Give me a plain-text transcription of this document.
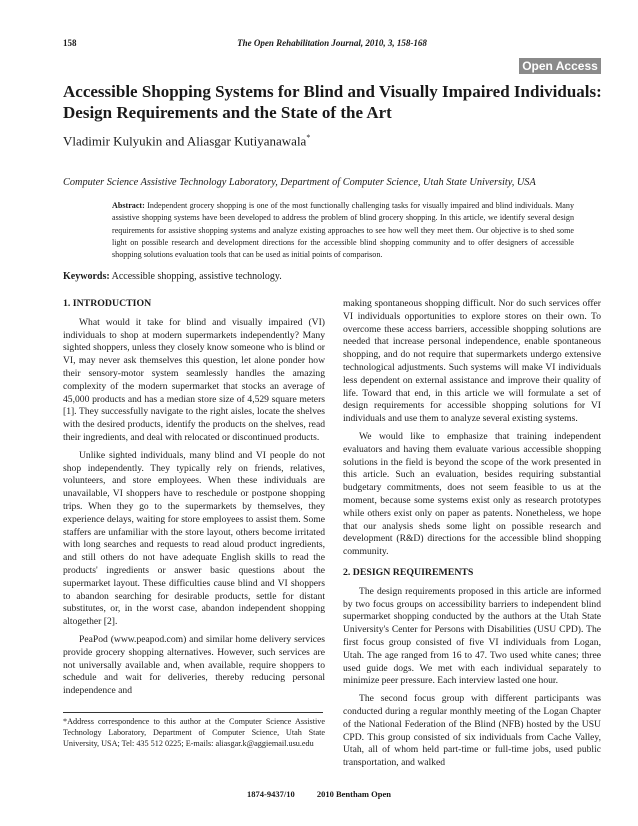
158	The Open Rehabilitation Journal, 2010, 3, 158-168
Open Access
Accessible Shopping Systems for Blind and Visually Impaired Individuals: Design Requirements and the State of the Art
Vladimir Kulyukin and Aliasgar Kutiyanawala*
Computer Science Assistive Technology Laboratory, Department of Computer Science, Utah State University, USA
Abstract: Independent grocery shopping is one of the most functionally challenging tasks for visually impaired and blind individuals. Many assistive shopping systems have been developed to address the problem of blind grocery shopping. In this article, we identify several design requirements for assistive shopping systems and analyze existing approaches to see how well they meet them. Our objective is to shed some light on possible research and development directions for the accessible blind shopping community and to offer designers of accessible shopping solutions evaluation tools that can be used as initial points of comparison.
Keywords: Accessible shopping, assistive technology.
1. INTRODUCTION

What would it take for blind and visually impaired (VI) individuals to shop at modern supermarkets independently? Many sighted shoppers, unless they closely know someone who is blind or VI, may never ask themselves this question, let alone ponder how their sensory-motor system seamlessly handles the amazing complexity of the modern supermarket that stocks an average of 45,000 products and has a median store size of 4,529 square meters [1]. They successfully navigate to the right aisles, locate the shelves with the desired products, identify the products on the shelves, read their ingredients, and deal with relocated or discontinued products.

Unlike sighted individuals, many blind and VI people do not shop independently. They typically rely on friends, relatives, volunteers, and store employees. When these individuals are unavailable, VI shoppers have to reschedule or postpone shopping trips. When they go to the supermarkets by themselves, they experience delays, waiting for store employees to assist them. Some staffers are unfamiliar with the store layout, others become irritated with long searches and requests to read aloud product ingredients, and still others do not have adequate English skills to read the products' ingredients or answer basic questions about the supermarket layout. These difficulties cause blind and VI shoppers to abandon searching for desirable products, settle for distant substitutes, or, in the worst case, abandon independent shopping altogether [2].

PeaPod (www.peapod.com) and similar home delivery services provide grocery shopping alternatives. However, such services are not universally available and, when available, require shoppers to schedule and wait for deliveries, thereby reducing personal independence and

making spontaneous shopping difficult. Nor do such services offer VI individuals opportunities to explore stores on their own. To overcome these access barriers, accessible shopping solutions are needed that increase personal independence, enable spontaneous shopping, and do not require that supermarkets undergo extensive technological adjustments. Such systems will make VI individuals less dependent on external assistance and improve their quality of life. Toward that end, in this article we will formulate a set of design requirements for accessible shopping solutions for VI individuals and use them to analyze several existing systems.

We would like to emphasize that training independent evaluators and having them evaluate various accessible shopping solutions in the field is beyond the scope of the work presented in this article. Such an evaluation, besides requiring substantial budgetary commitments, does not seem feasible to us at the moment, because some systems exist only as research prototypes while others exist only on paper as patents. Nonetheless, we hope that our analysis sheds some light on possible research and development (R&D) directions for the accessible blind shopping community.

2. DESIGN REQUIREMENTS

The design requirements proposed in this article are informed by two focus groups on accessibility barriers to independent blind supermarket shopping conducted by the authors at the Utah State University's Center for Persons with Disabilities (USU CPD). The first focus group consisted of five VI individuals from Logan, Utah. The age ranged from 16 to 47. Two used white canes; three used guide dogs. We met with each individual separately to minimize peer pressure. Each interview lasted one hour.

The second focus group with different participants was conducted during a regular monthly meeting of the Logan Chapter of the National Federation of the Blind (NFB) hosted by the USU CPD. This group consisted of six individuals from Cache Valley, Utah, all of whom held part-time or full-time jobs, used public transportation, and walked

*Address correspondence to this author at the Computer Science Assistive Technology Laboratory, Department of Computer Science, Utah State University, USA; Tel: 435 512 0225; E-mails: aliasgar.k@aggiemail.usu.edu
1874-9437/10	2010 Bentham Open
